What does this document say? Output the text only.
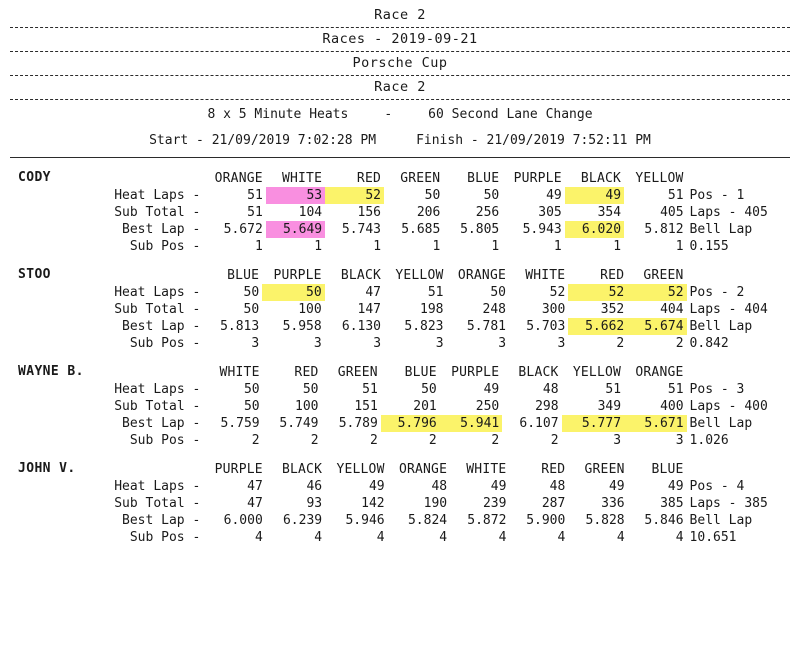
Race 2
Races - 2019-09-21
Porsche Cup
Race 2
8 x 5 Minute Heats	-	60 Second Lane Change
Start - 21/09/2019 7:02:28 PM	Finish - 21/09/2019 7:52:11 PM
CODY
		ORANGE	WHITE	RED	GREEN	BLUE	PURPLE	BLACK	YELLOW	
Heat Laps -	51	53	52	50	50	49	49	51	Pos - 1
Sub Total -	51	104	156	206	256	305	354	405	Laps - 405
Best Lap -	5.672	5.649	5.743	5.685	5.805	5.943	6.020	5.812	Bell Lap
Sub Pos -	1	1	1	1	1	1	1	1	0.155
STOO
		BLUE	PURPLE	BLACK	YELLOW	ORANGE	WHITE	RED	GREEN	
Heat Laps -	50	50	47	51	50	52	52	52	Pos - 2
Sub Total -	50	100	147	198	248	300	352	404	Laps - 404
Best Lap -	5.813	5.958	6.130	5.823	5.781	5.703	5.662	5.674	Bell Lap
Sub Pos -	3	3	3	3	3	3	2	2	0.842
WAYNE B.
		WHITE	RED	GREEN	BLUE	PURPLE	BLACK	YELLOW	ORANGE	
Heat Laps -	50	50	51	50	49	48	51	51	Pos - 3
Sub Total -	50	100	151	201	250	298	349	400	Laps - 400
Best Lap -	5.759	5.749	5.789	5.796	5.941	6.107	5.777	5.671	Bell Lap
Sub Pos -	2	2	2	2	2	2	3	3	1.026
JOHN V.
		PURPLE	BLACK	YELLOW	ORANGE	WHITE	RED	GREEN	BLUE	
Heat Laps -	47	46	49	48	49	48	49	49	Pos - 4
Sub Total -	47	93	142	190	239	287	336	385	Laps - 385
Best Lap -	6.000	6.239	5.946	5.824	5.872	5.900	5.828	5.846	Bell Lap
Sub Pos -	4	4	4	4	4	4	4	4	10.651
